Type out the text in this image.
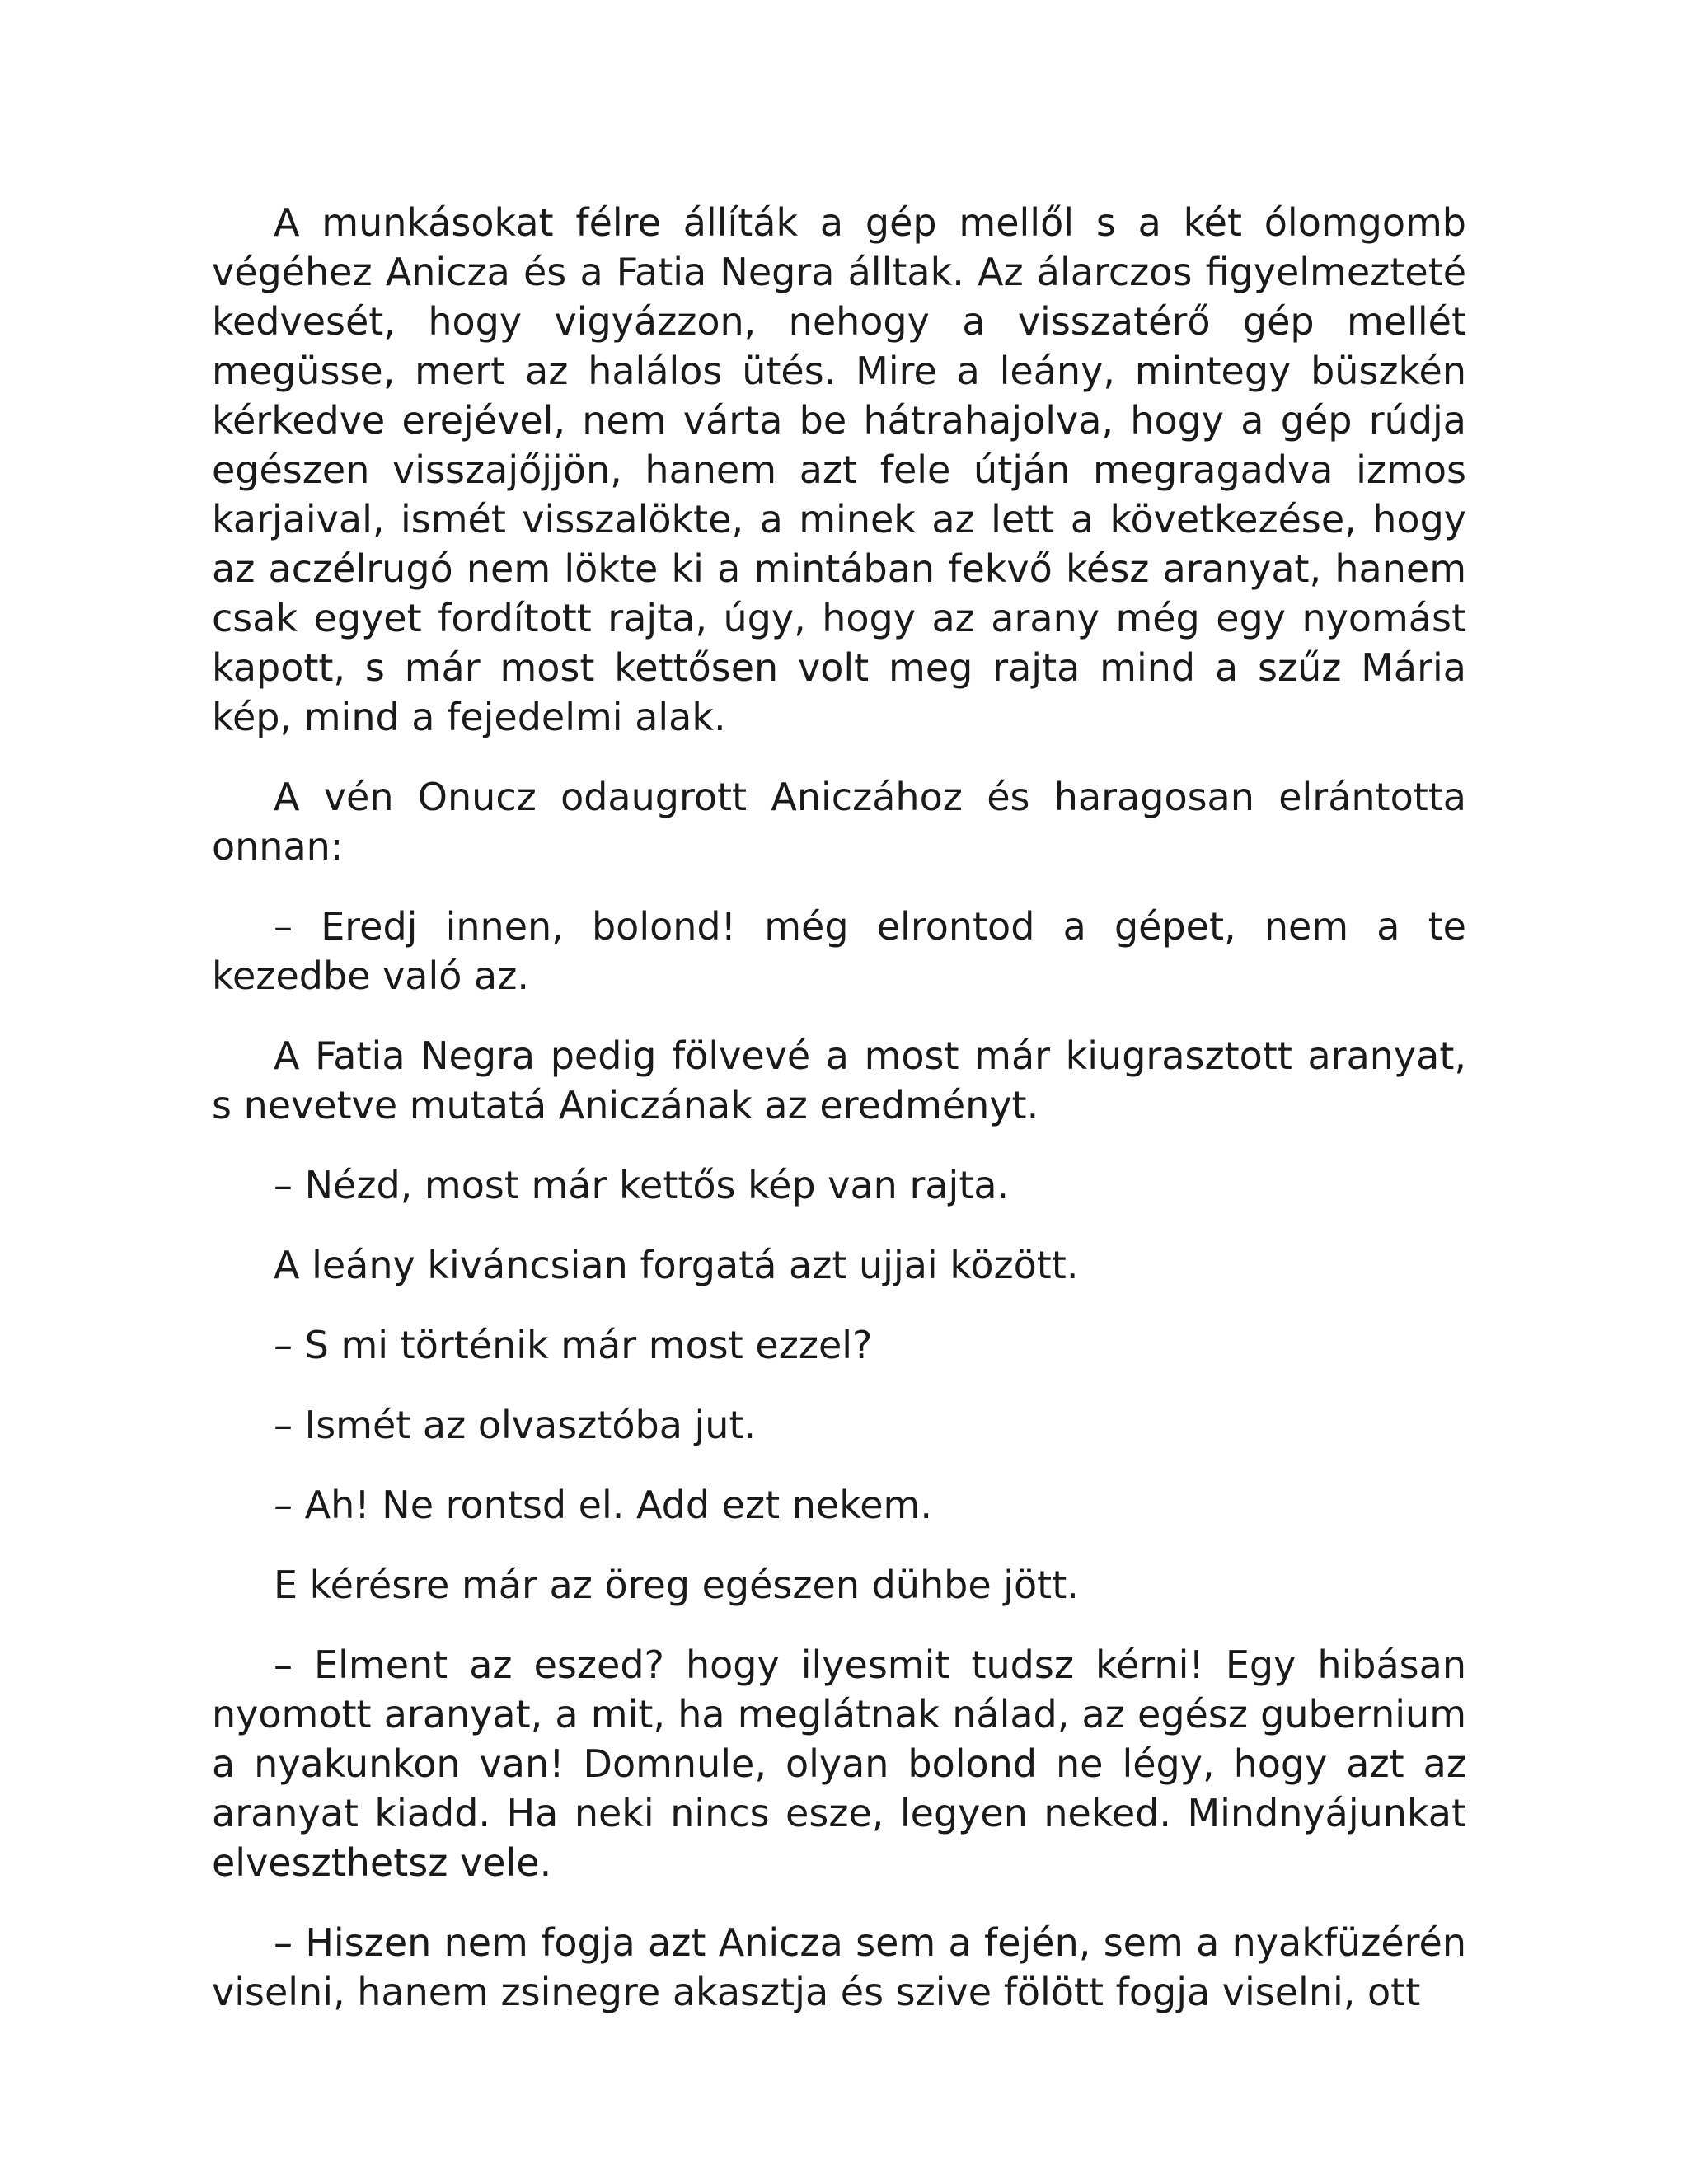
A munkásokat félre állíták a gép mellől s a két ólomgomb végéhez Anicza és a Fatia Negra álltak. Az álarczos figyelmezteté kedvesét, hogy vigyázzon, nehogy a visszatérő gép mellét megüsse, mert az halálos ütés. Mire a leány, mintegy büszkén kérkedve erejével, nem várta be hátrahajolva, hogy a gép rúdja egészen visszajőjjön, hanem azt fele útján megragadva izmos karjaival, ismét visszalökte, a minek az lett a következése, hogy az aczélrugó nem lökte ki a mintában fekvő kész aranyat, hanem csak egyet fordított rajta, úgy, hogy az arany még egy nyomást kapott, s már most kettősen volt meg rajta mind a szűz Mária kép, mind a fejedelmi alak.

A vén Onucz odaugrott Aniczához és haragosan elrántotta onnan:

– Eredj innen, bolond! még elrontod a gépet, nem a te kezedbe való az.

A Fatia Negra pedig fölvevé a most már kiugrasztott aranyat, s nevetve mutatá Aniczának az eredményt.

– Nézd, most már kettős kép van rajta.

A leány kiváncsian forgatá azt ujjai között.

– S mi történik már most ezzel?

– Ismét az olvasztóba jut.

– Ah! Ne rontsd el. Add ezt nekem.

E kérésre már az öreg egészen dühbe jött.

– Elment az eszed? hogy ilyesmit tudsz kérni! Egy hibásan nyomott aranyat, a mit, ha meglátnak nálad, az egész gubernium a nyakunkon van! Domnule, olyan bolond ne légy, hogy azt az aranyat kiadd. Ha neki nincs esze, legyen neked. Mindnyájunkat elveszthetsz vele.

– Hiszen nem fogja azt Anicza sem a fején, sem a nyakfüzérén viselni, hanem zsinegre akasztja és szive fölött fogja viselni, ott
